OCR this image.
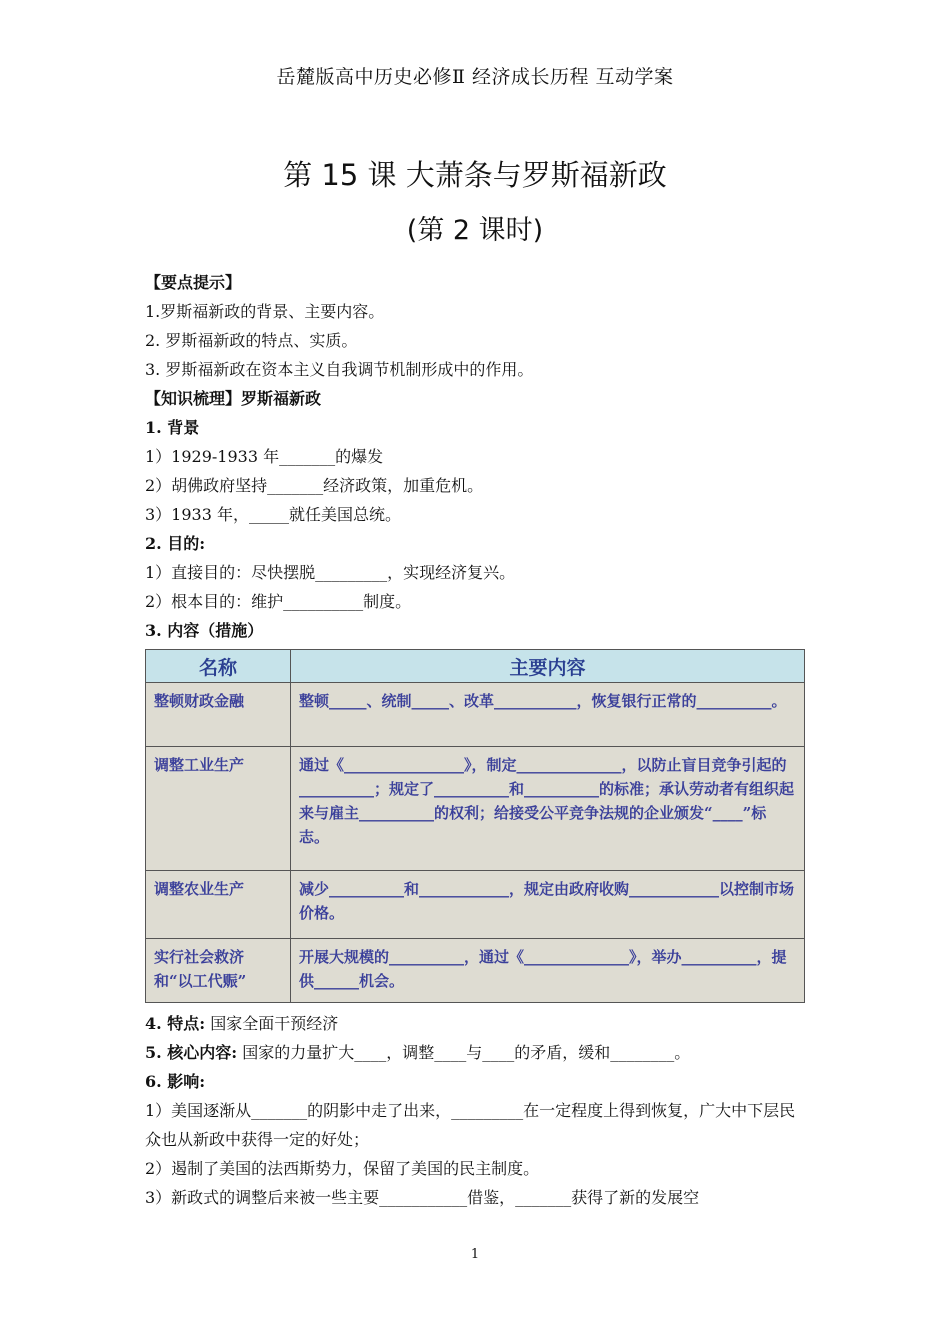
岳麓版高中历史必修Ⅱ 经济成长历程 互动学案
第 15 课 大萧条与罗斯福新政
(第 2 课时)
【要点提示】
1.罗斯福新政的背景、主要内容。
2. 罗斯福新政的特点、实质。
3. 罗斯福新政在资本主义自我调节机制形成中的作用。
【知识梳理】罗斯福新政
1. 背景
1）1929-1933 年_______的爆发
2）胡佛政府坚持_______经济政策，加重危机。
3）1933 年，_____就任美国总统。
2. 目的:
1）直接目的：尽快摆脱_________，实现经济复兴。
2）根本目的：维护__________制度。
3. 内容（措施）
名称	主要内容
整顿财政金融	整顿_____、统制_____、改革___________，恢复银行正常的__________。
调整工业生产	通过《________________》，制定______________，以防止盲目竞争引起的__________；规定了__________和__________的标准；承认劳动者有组织起来与雇主__________的权利；给接受公平竞争法规的企业颁发“____”标志。
调整农业生产	减少__________和____________，规定由政府收购____________以控制市场价格。
实行社会救济和“以工代赈”	开展大规模的__________，通过《______________》，举办__________，提供______机会。
4. 特点: 国家全面干预经济
5. 核心内容: 国家的力量扩大____，调整____与____的矛盾，缓和________。
6. 影响:
1）美国逐渐从_______的阴影中走了出来，_________在一定程度上得到恢复，广大中下层民众也从新政中获得一定的好处；
2）遏制了美国的法西斯势力，保留了美国的民主制度。
3）新政式的调整后来被一些主要___________借鉴，_______获得了新的发展空
1
